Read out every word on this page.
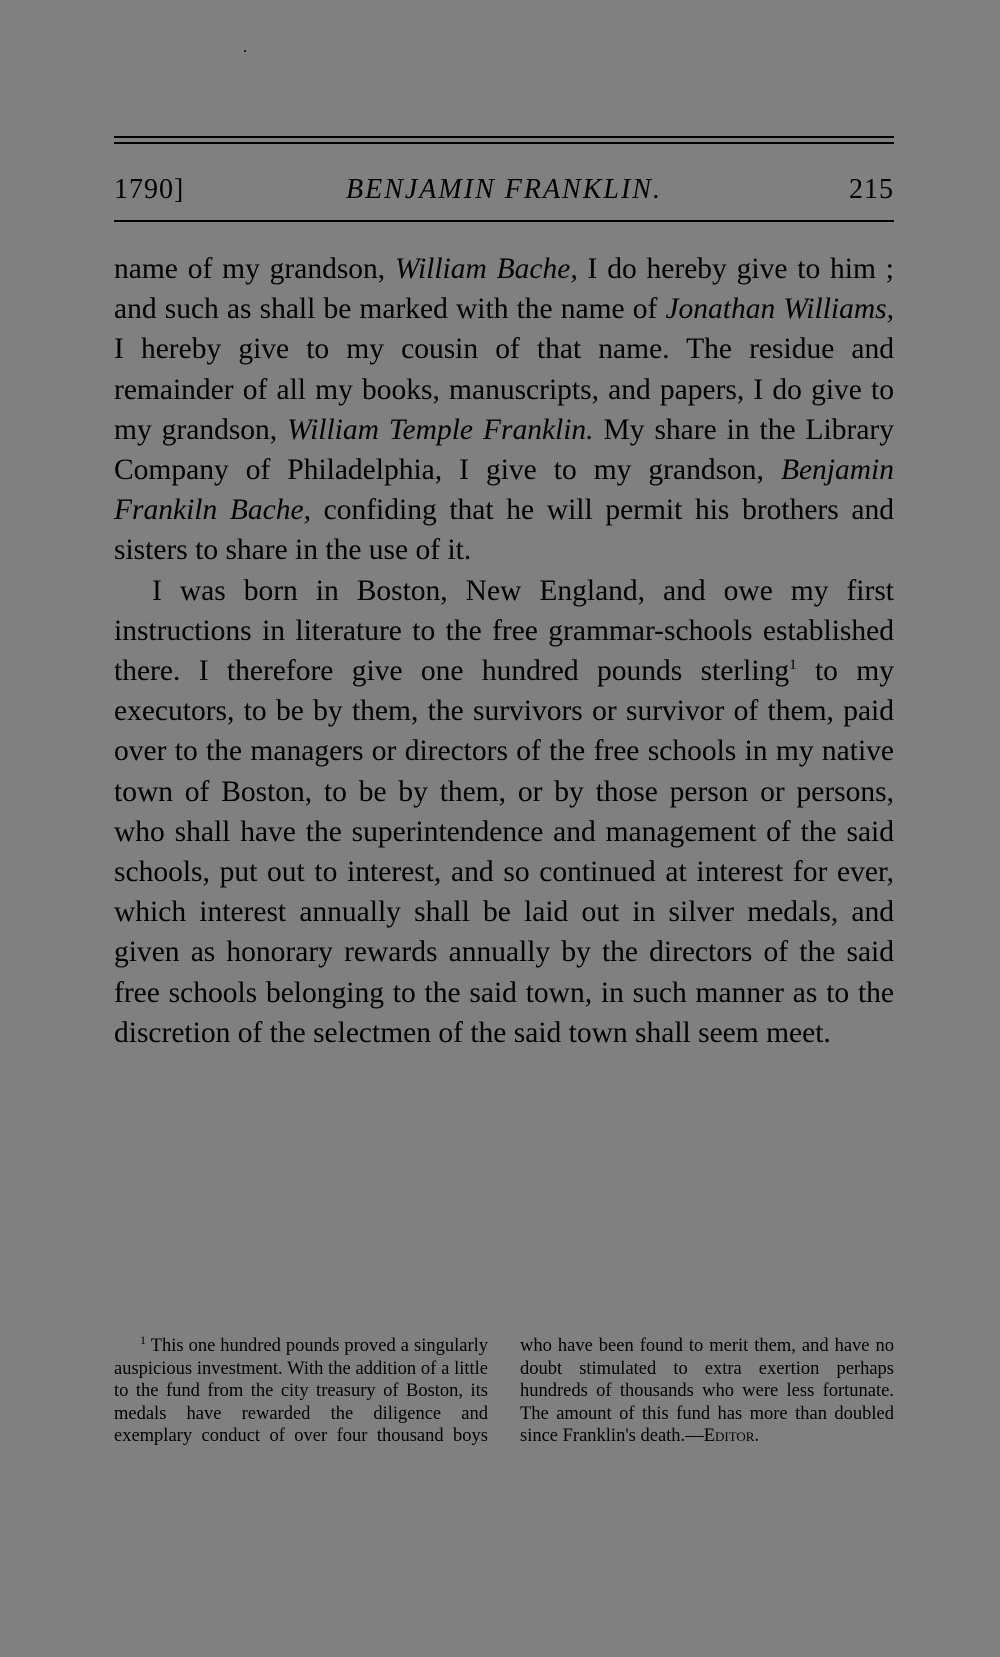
1790]	BENJAMIN FRANKLIN.	215

name of my grandson, William Bache, I do hereby give to him ; and such as shall be marked with the name of Jonathan Williams, I hereby give to my cousin of that name. The residue and remainder of all my books, manuscripts, and papers, I do give to my grandson, William Temple Franklin. My share in the Library Company of Philadelphia, I give to my grandson, Benjamin Frankiln Bache, confiding that he will permit his brothers and sisters to share in the use of it.

I was born in Boston, New England, and owe my first instructions in literature to the free grammar-schools established there. I therefore give one hundred pounds sterling$^1$ to my executors, to be by them, the survivors or survivor of them, paid over to the managers or directors of the free schools in my native town of Boston, to be by them, or by those person or persons, who shall have the superintendence and management of the said schools, put out to interest, and so continued at interest for ever, which interest annually shall be laid out in silver medals, and given as honorary rewards annually by the directors of the said free schools belonging to the said town, in such manner as to the discretion of the selectmen of the said town shall seem meet.

$^1$ This one hundred pounds proved a singularly auspicious investment. With the addition of a little to the fund from the city treasury of Boston, its medals have rewarded the diligence and exemplary conduct of over four thousand boys who have been found to merit them, and have no doubt stimulated to extra exertion perhaps hundreds of thousands who were less fortunate. The amount of this fund has more than doubled since Franklin's death.—Editor.
